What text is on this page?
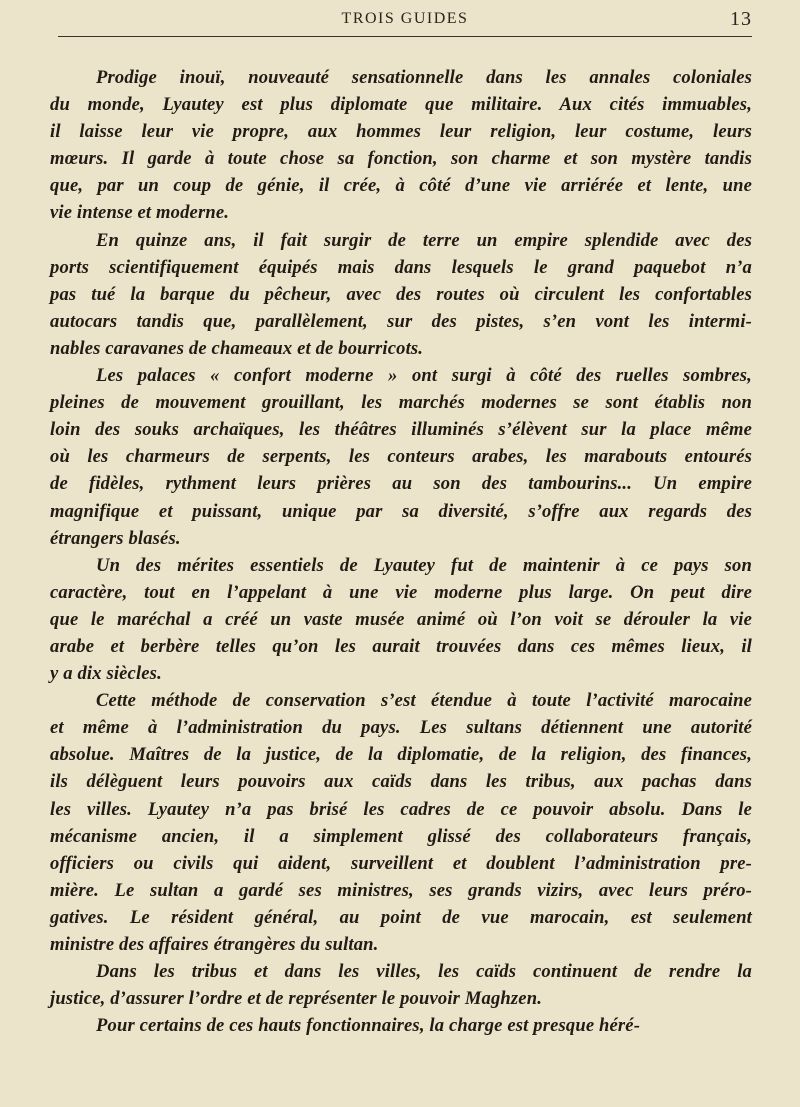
TROIS GUIDES	13
Prodige inouï, nouveauté sensationnelle dans les annales coloniales
du monde, Lyautey est plus diplomate que militaire. Aux cités immuables,
il laisse leur vie propre, aux hommes leur religion, leur costume, leurs
mœurs. Il garde à toute chose sa fonction, son charme et son mystère tandis
que, par un coup de génie, il crée, à côté d’une vie arriérée et lente, une
vie intense et moderne.
En quinze ans, il fait surgir de terre un empire splendide avec des
ports scientifiquement équipés mais dans lesquels le grand paquebot n’a
pas tué la barque du pêcheur, avec des routes où circulent les confortables
autocars tandis que, parallèlement, sur des pistes, s’en vont les intermi-
nables caravanes de chameaux et de bourricots.
Les palaces « confort moderne » ont surgi à côté des ruelles sombres,
pleines de mouvement grouillant, les marchés modernes se sont établis non
loin des souks archaïques, les théâtres illuminés s’élèvent sur la place même
où les charmeurs de serpents, les conteurs arabes, les marabouts entourés
de fidèles, rythment leurs prières au son des tambourins... Un empire
magnifique et puissant, unique par sa diversité, s’offre aux regards des
étrangers blasés.
Un des mérites essentiels de Lyautey fut de maintenir à ce pays son
caractère, tout en l’appelant à une vie moderne plus large. On peut dire
que le maréchal a créé un vaste musée animé où l’on voit se dérouler la vie
arabe et berbère telles qu’on les aurait trouvées dans ces mêmes lieux, il
y a dix siècles.
Cette méthode de conservation s’est étendue à toute l’activité marocaine
et même à l’administration du pays. Les sultans détiennent une autorité
absolue. Maîtres de la justice, de la diplomatie, de la religion, des finances,
ils délèguent leurs pouvoirs aux caïds dans les tribus, aux pachas dans
les villes. Lyautey n’a pas brisé les cadres de ce pouvoir absolu. Dans le
mécanisme ancien, il a simplement glissé des collaborateurs français,
officiers ou civils qui aident, surveillent et doublent l’administration pre-
mière. Le sultan a gardé ses ministres, ses grands vizirs, avec leurs préro-
gatives. Le résident général, au point de vue marocain, est seulement
ministre des affaires étrangères du sultan.
Dans les tribus et dans les villes, les caïds continuent de rendre la
justice, d’assurer l’ordre et de représenter le pouvoir Maghzen.
Pour certains de ces hauts fonctionnaires, la charge est presque héré-
